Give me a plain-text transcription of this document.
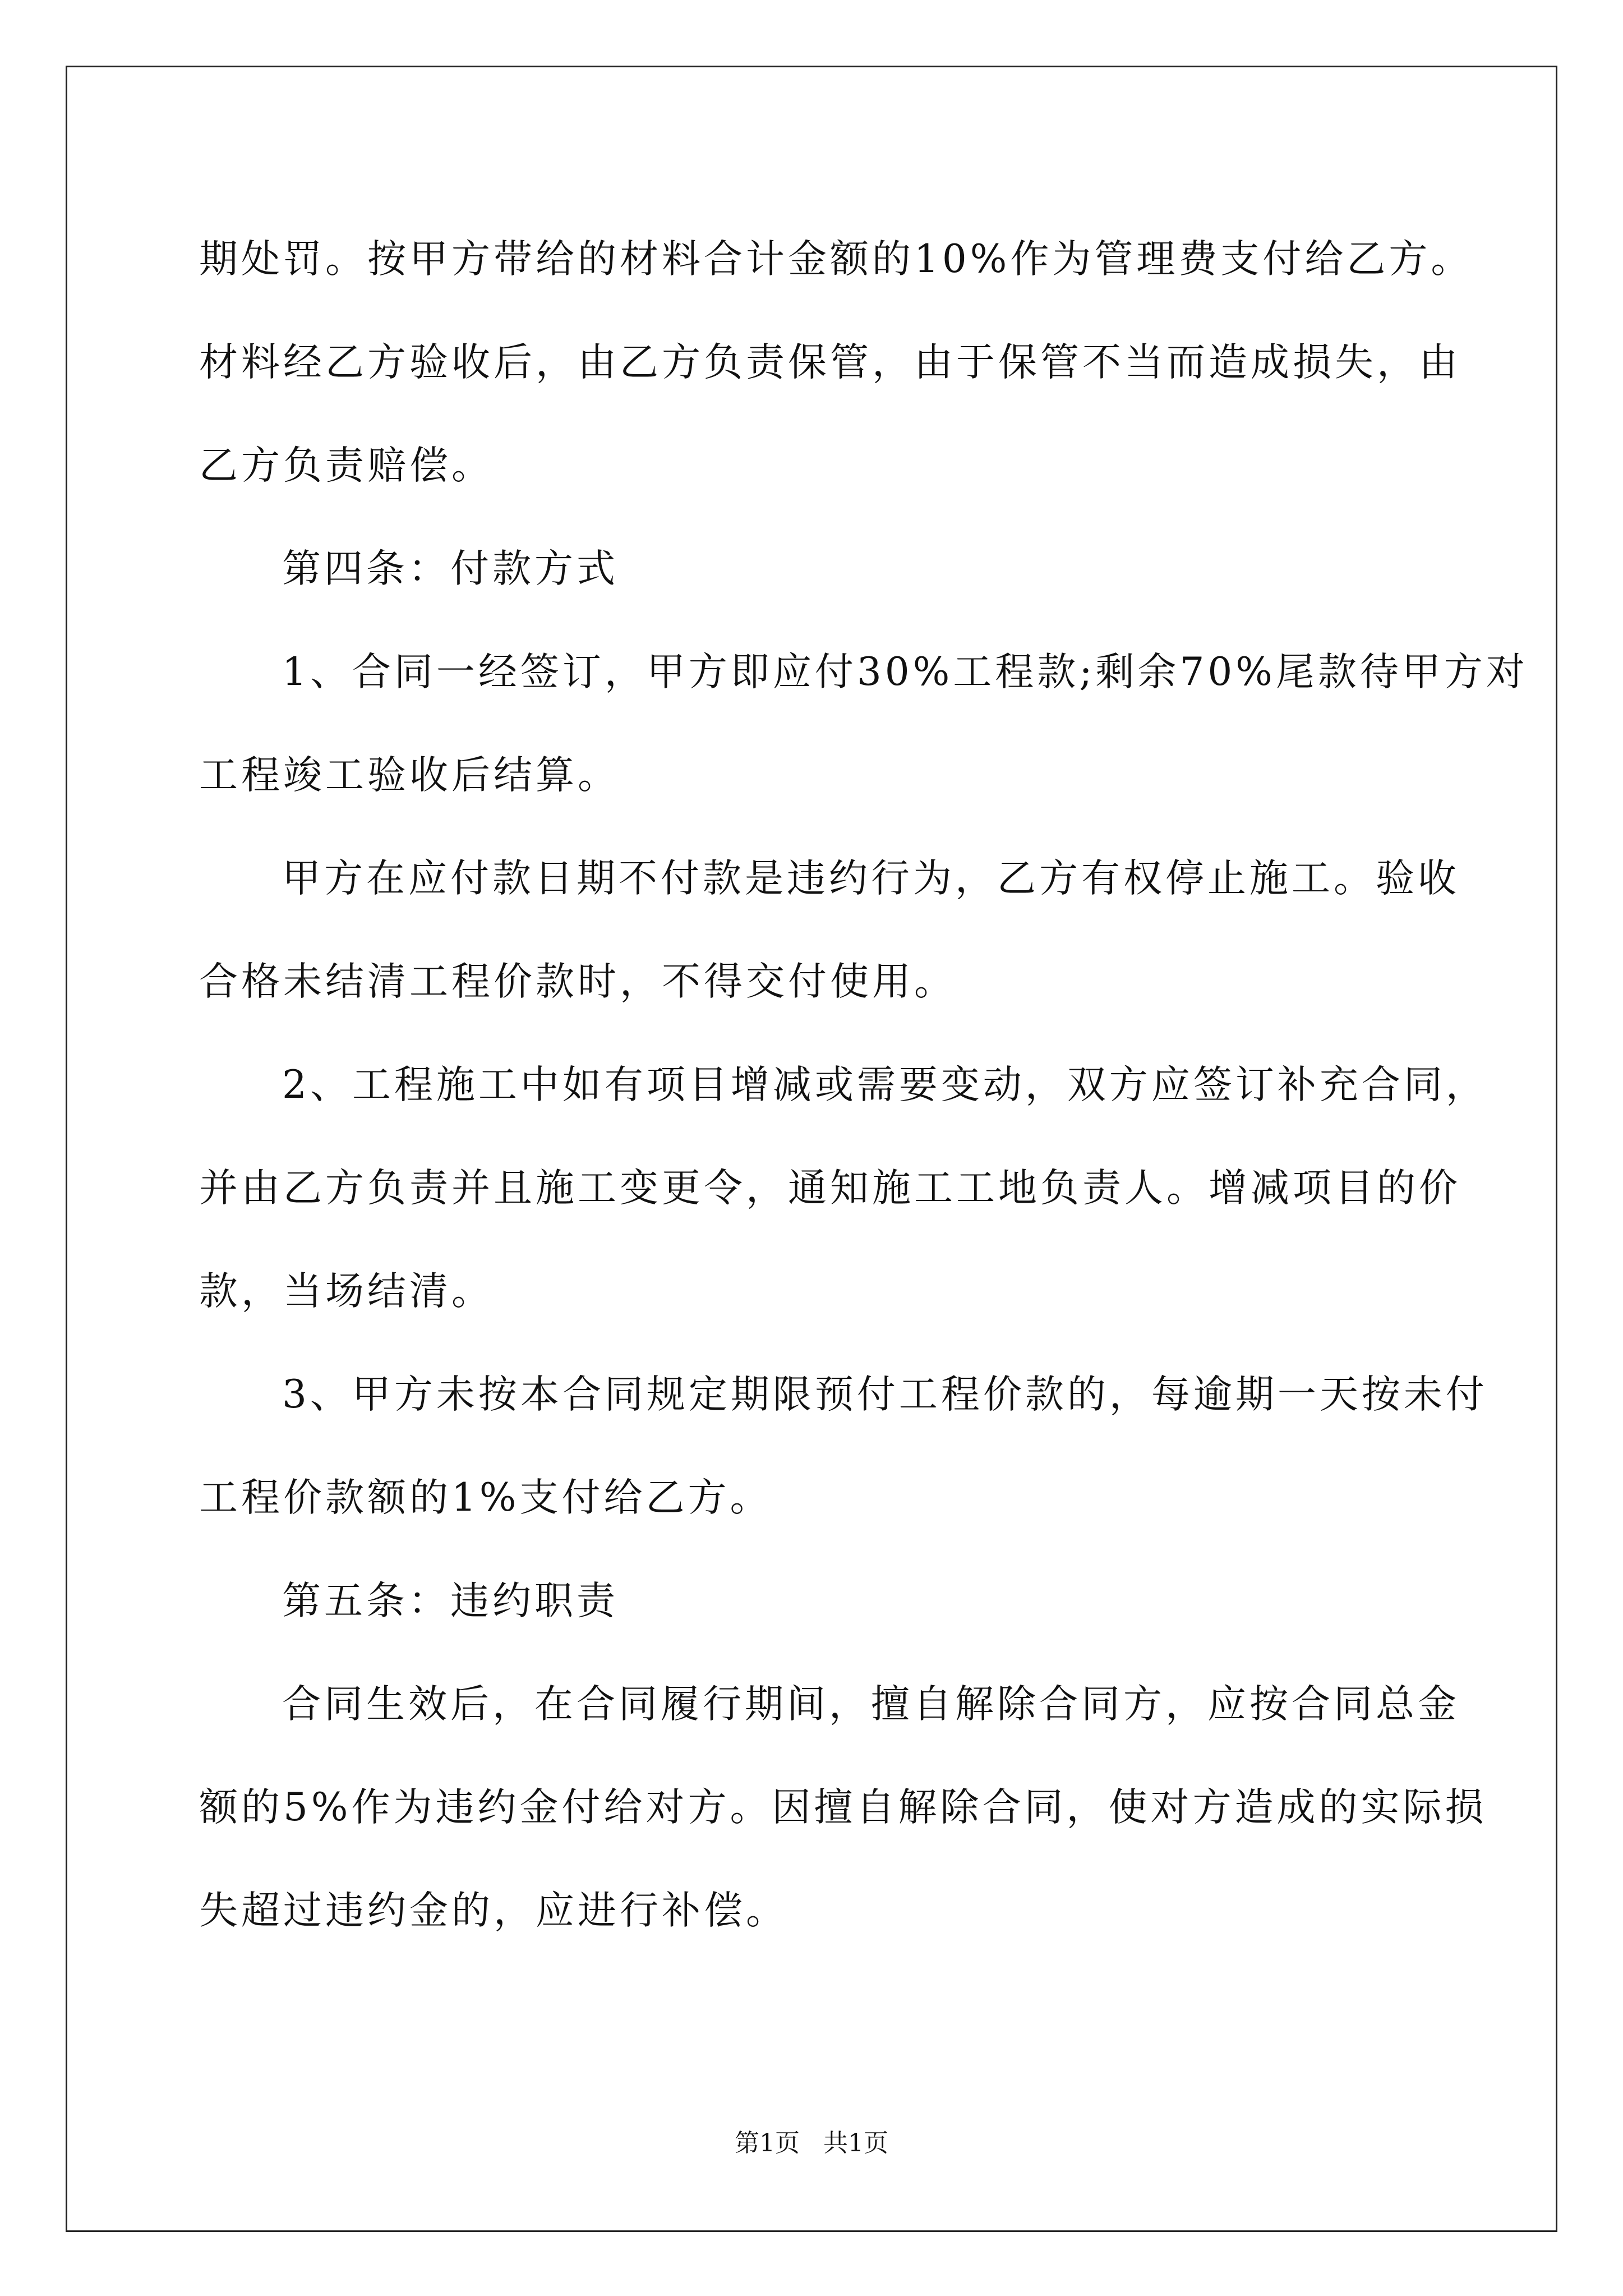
期处罚。按甲方带给的材料合计金额的10%作为管理费支付给乙方。
材料经乙方验收后，由乙方负责保管，由于保管不当而造成损失，由
乙方负责赔偿。
第四条：付款方式
1、合同一经签订，甲方即应付30%工程款;剩余70%尾款待甲方对
工程竣工验收后结算。
甲方在应付款日期不付款是违约行为，乙方有权停止施工。验收
合格未结清工程价款时，不得交付使用。
2、工程施工中如有项目增减或需要变动，双方应签订补充合同，
并由乙方负责并且施工变更令，通知施工工地负责人。增减项目的价
款，当场结清。
3、甲方未按本合同规定期限预付工程价款的，每逾期一天按未付
工程价款额的1%支付给乙方。
第五条：违约职责
合同生效后，在合同履行期间，擅自解除合同方，应按合同总金
额的5%作为违约金付给对方。因擅自解除合同，使对方造成的实际损
失超过违约金的，应进行补偿。
第1页   共1页
